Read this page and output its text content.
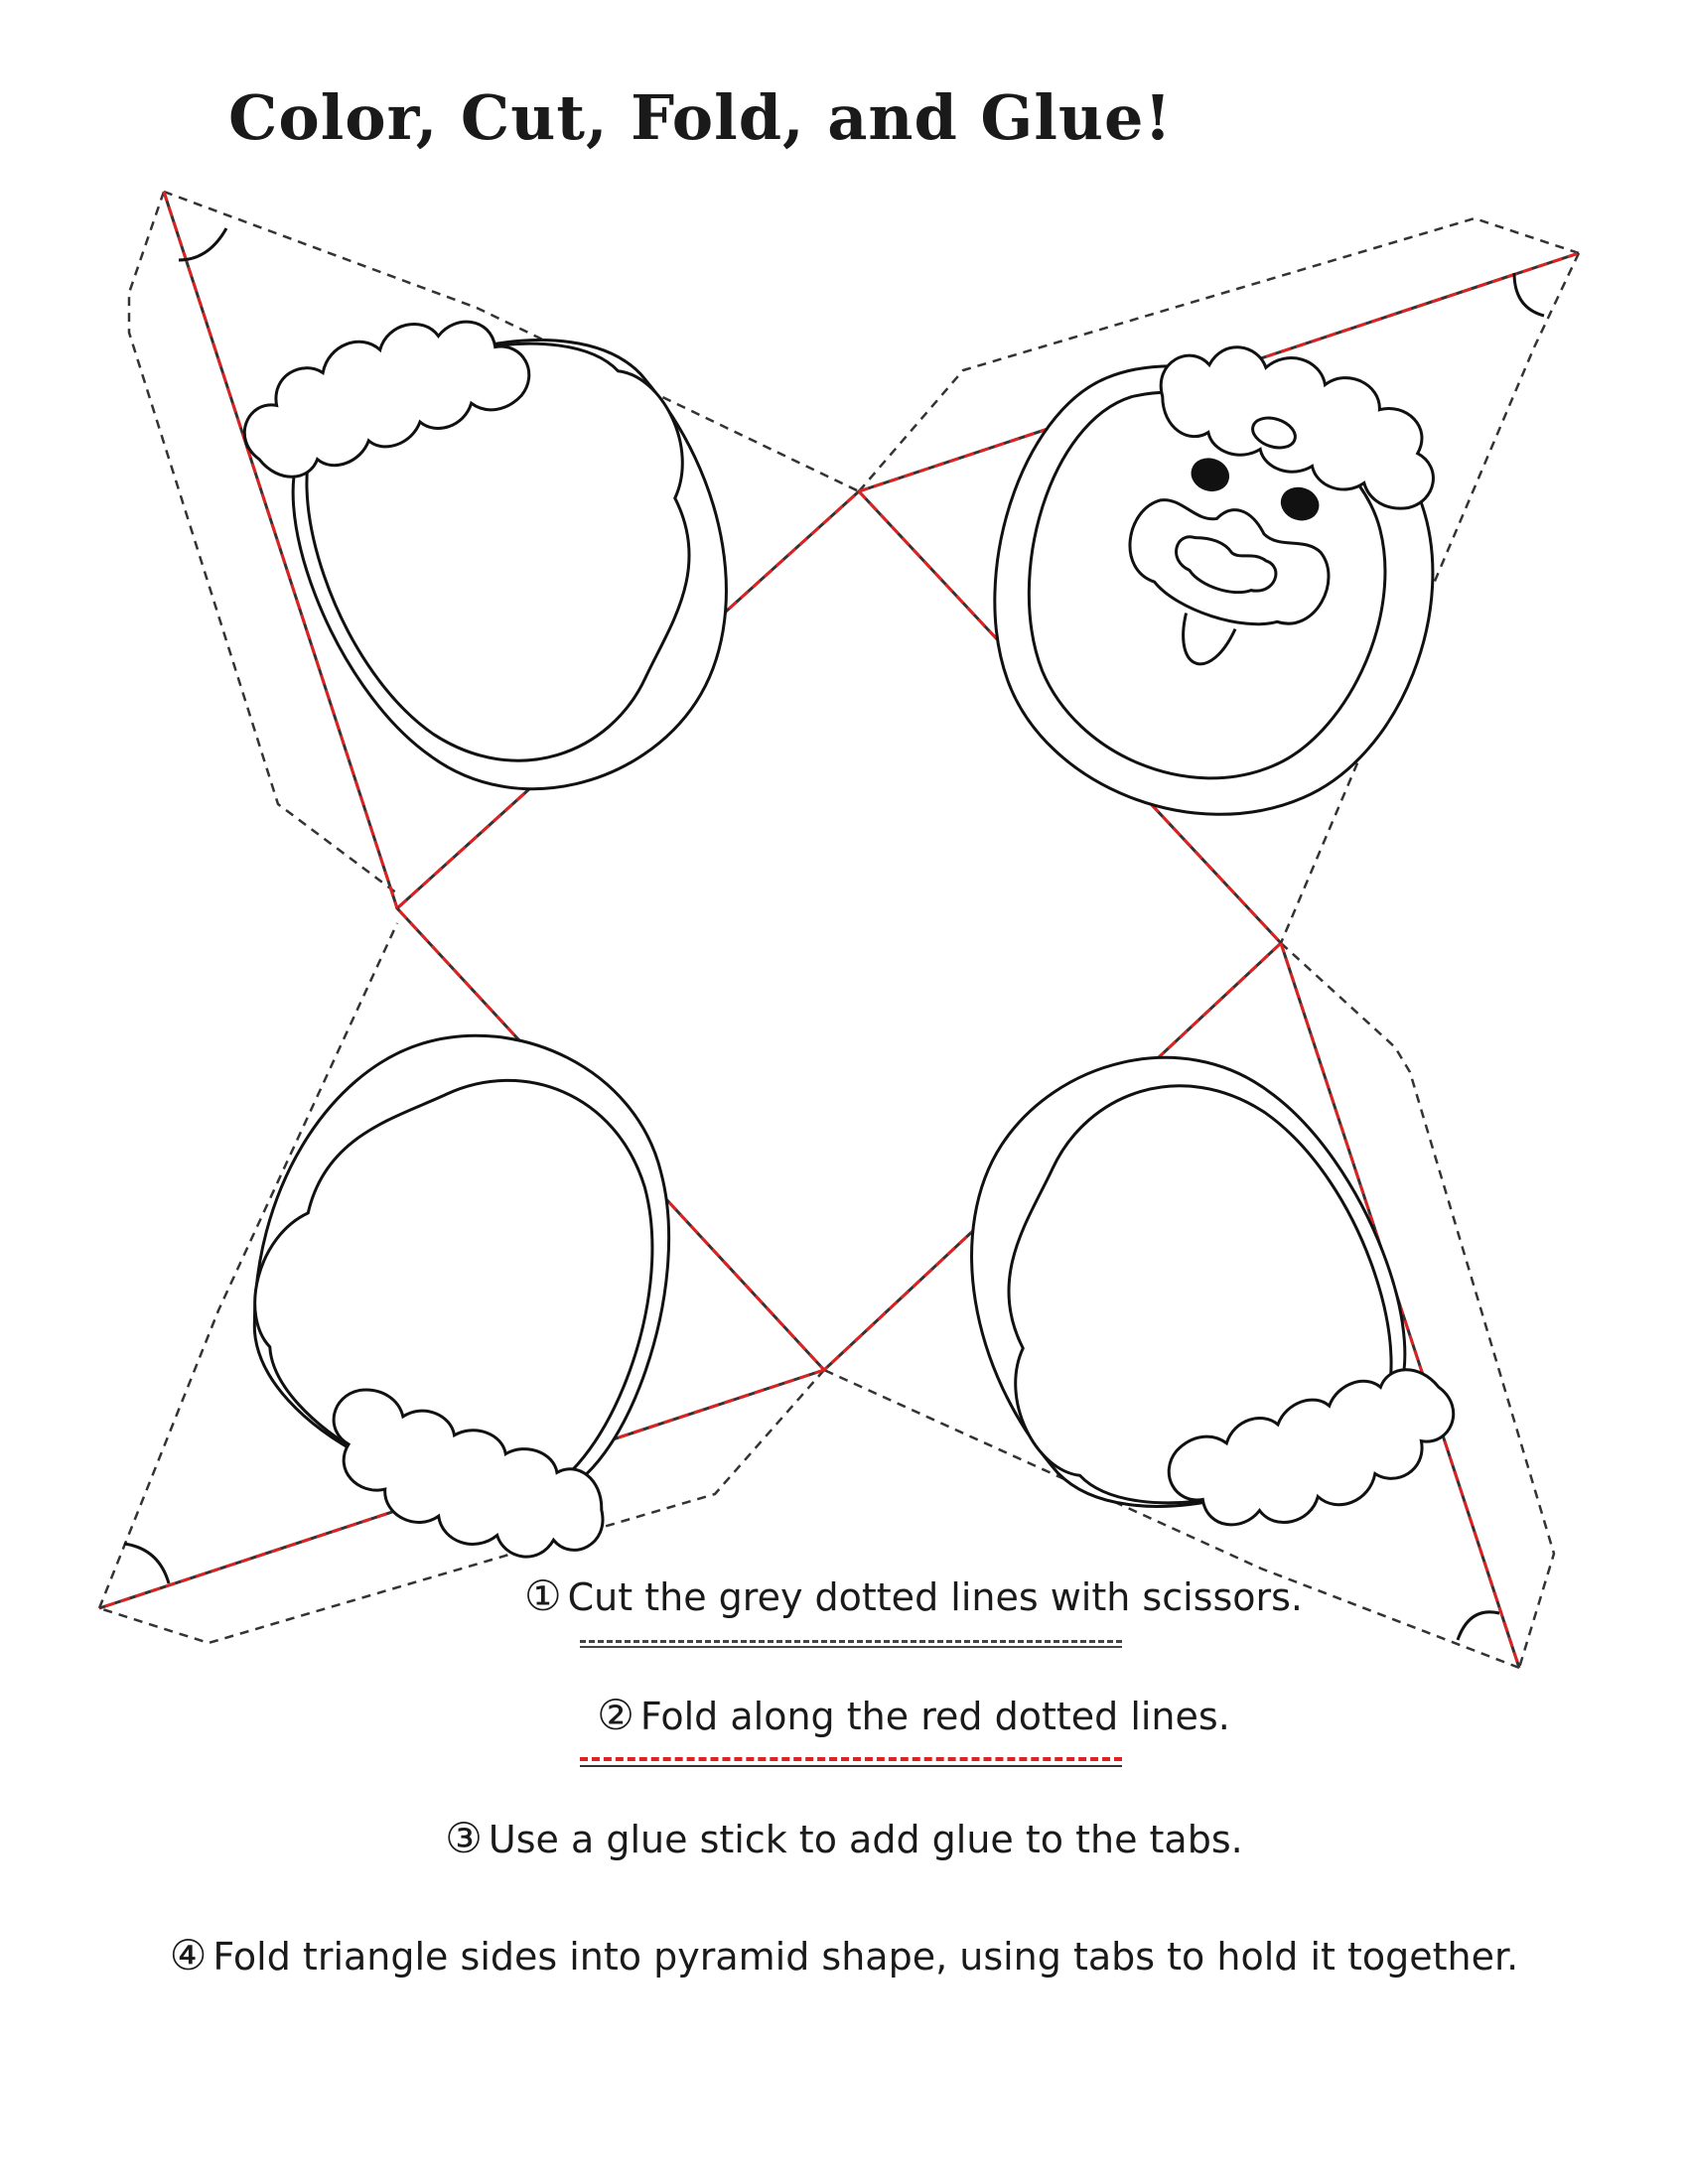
Color, Cut, Fold, and Glue!
① Cut the grey dotted lines with scissors.
② Fold along the red dotted lines.
③ Use a glue stick to add glue to the tabs.
④ Fold triangle sides into pyramid shape, using tabs to hold it together.
